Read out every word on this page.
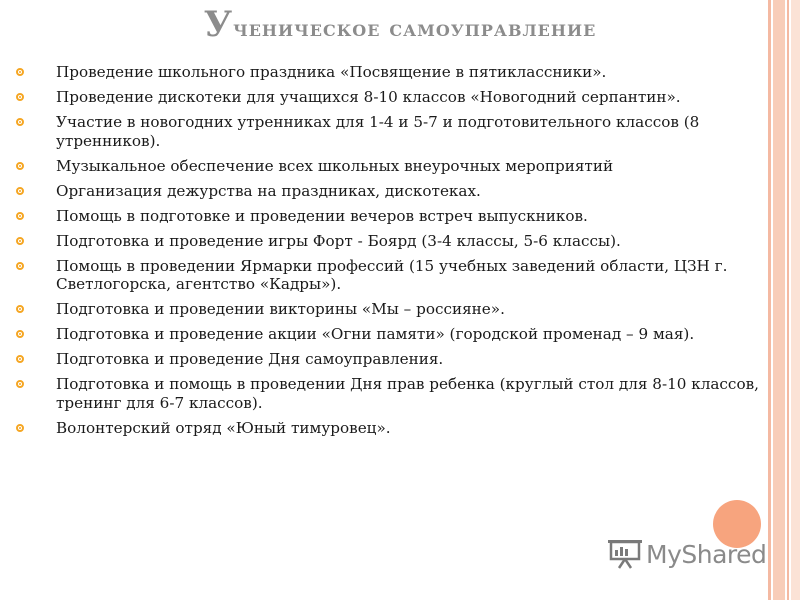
Ученическое самоуправление
Проведение школьного праздника «Посвящение в пятиклассники».
Проведение дискотеки для учащихся 8-10 классов «Новогодний серпантин».
Участие в новогодних утренниках для 1-4 и 5-7 и подготовительного классов (8 утренников).
Музыкальное обеспечение всех школьных внеурочных мероприятий
Организация дежурства на праздниках, дискотеках.
Помощь в подготовке и проведении вечеров встреч выпускников.
Подготовка и проведение игры Форт - Боярд (3-4 классы, 5-6 классы).
Помощь в проведении Ярмарки профессий (15 учебных заведений области, ЦЗН г. Светлогорска, агентство «Кадры»).
Подготовка и проведении викторины «Мы – россияне».
Подготовка и проведение акции «Огни памяти» (городской променад – 9 мая).
Подготовка и проведение Дня самоуправления.
Подготовка и помощь в проведении Дня прав ребенка (круглый стол для 8-10 классов, тренинг для 6-7 классов).
Волонтерский отряд «Юный тимуровец».
MyShared
